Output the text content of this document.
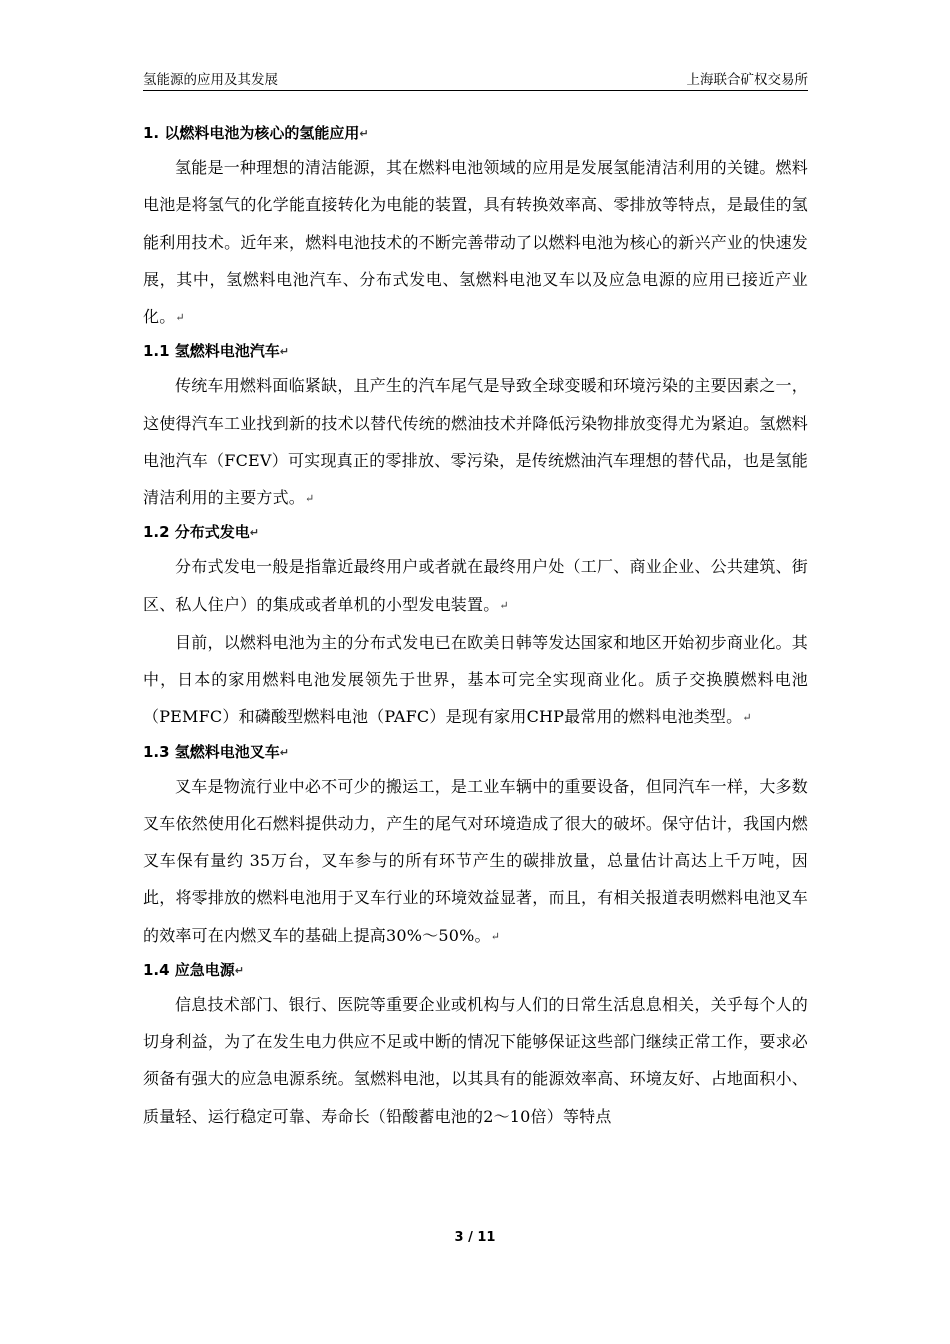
氢能源的应用及其发展	上海联合矿权交易所
1. 以燃料电池为核心的氢能应用↵

氢能是一种理想的清洁能源，其在燃料电池领域的应用是发展氢能清洁利用的关键。燃料电池是将氢气的化学能直接转化为电能的装置，具有转换效率高、零排放等特点，是最佳的氢能利用技术。近年来，燃料电池技术的不断完善带动了以燃料电池为核心的新兴产业的快速发展，其中，氢燃料电池汽车、分布式发电、氢燃料电池叉车以及应急电源的应用已接近产业化。↵

1.1 氢燃料电池汽车↵

传统车用燃料面临紧缺，且产生的汽车尾气是导致全球变暖和环境污染的主要因素之一，这使得汽车工业找到新的技术以替代传统的燃油技术并降低污染物排放变得尤为紧迫。氢燃料电池汽车（FCEV）可实现真正的零排放、零污染，是传统燃油汽车理想的替代品，也是氢能清洁利用的主要方式。↵

1.2 分布式发电↵

分布式发电一般是指靠近最终用户或者就在最终用户处（工厂、商业企业、公共建筑、街区、私人住户）的集成或者单机的小型发电装置。↵

目前，以燃料电池为主的分布式发电已在欧美日韩等发达国家和地区开始初步商业化。其中，日本的家用燃料电池发展领先于世界，基本可完全实现商业化。质子交换膜燃料电池（PEMFC）和磷酸型燃料电池（PAFC）是现有家用CHP最常用的燃料电池类型。↵

1.3 氢燃料电池叉车↵

叉车是物流行业中必不可少的搬运工，是工业车辆中的重要设备，但同汽车一样，大多数叉车依然使用化石燃料提供动力，产生的尾气对环境造成了很大的破坏。保守估计，我国内燃叉车保有量约 35万台，叉车参与的所有环节产生的碳排放量，总量估计高达上千万吨，因此，将零排放的燃料电池用于叉车行业的环境效益显著，而且，有相关报道表明燃料电池叉车的效率可在内燃叉车的基础上提高30%～50%。↵

1.4 应急电源↵

信息技术部门、银行、医院等重要企业或机构与人们的日常生活息息相关，关乎每个人的切身利益，为了在发生电力供应不足或中断的情况下能够保证这些部门继续正常工作，要求必须备有强大的应急电源系统。氢燃料电池，以其具有的能源效率高、环境友好、占地面积小、质量轻、运行稳定可靠、寿命长（铅酸蓄电池的2～10倍）等特点

3 / 11
